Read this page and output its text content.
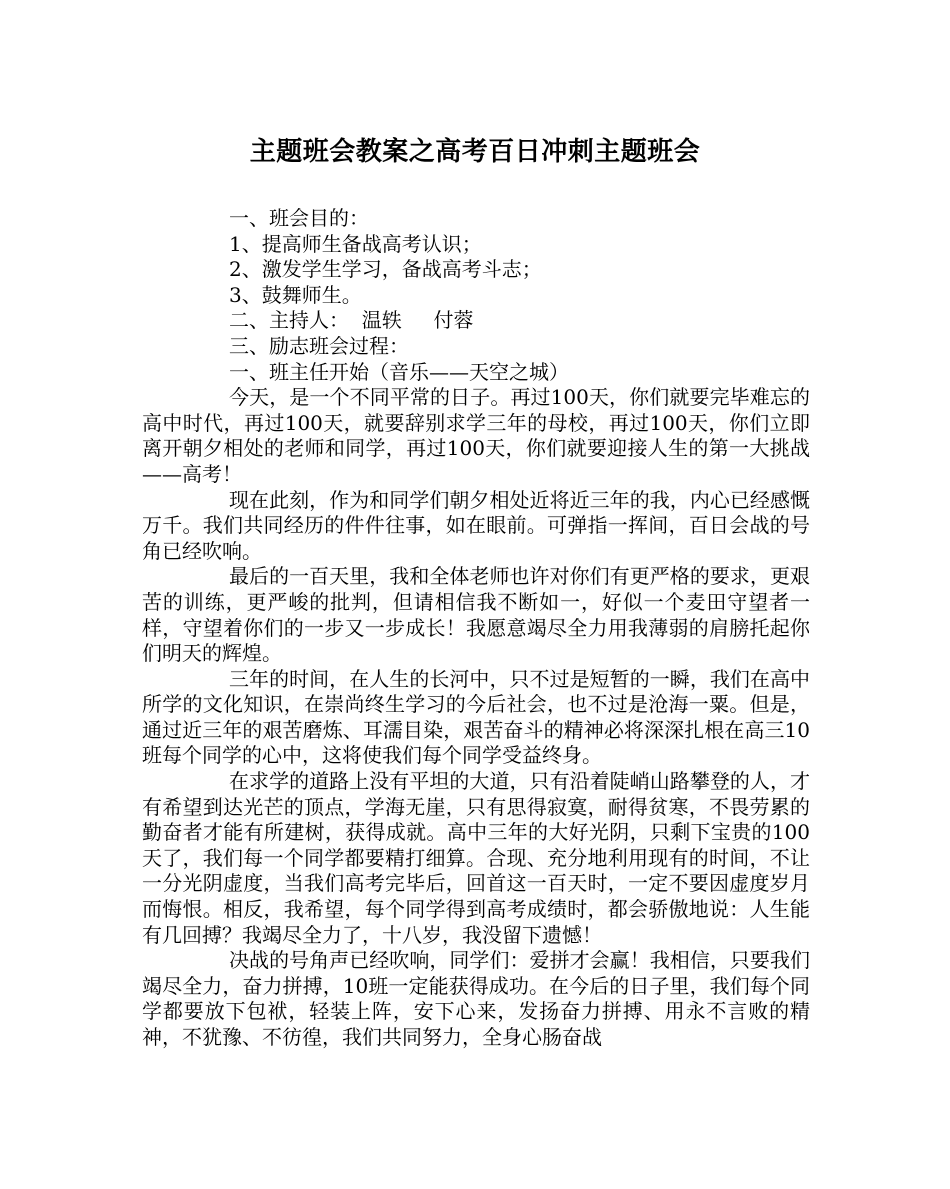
主题班会教案之高考百日冲刺主题班会

一、班会目的：

1、提高师生备战高考认识；

2、激发学生学习，备战高考斗志；

3、鼓舞师生。

二、主持人：  温轶     付蓉

三、励志班会过程：

一、班主任开始（音乐——天空之城）

今天，是一个不同平常的日子。再过100天，你们就要完毕难忘的高中时代，再过100天，就要辞别求学三年的母校，再过100天，你们立即离开朝夕相处的老师和同学，再过100天，你们就要迎接人生的第一大挑战——高考！

现在此刻，作为和同学们朝夕相处近将近三年的我，内心已经感慨万千。我们共同经历的件件往事，如在眼前。可弹指一挥间，百日会战的号角已经吹响。

最后的一百天里，我和全体老师也许对你们有更严格的要求，更艰苦的训练，更严峻的批判，但请相信我不断如一，好似一个麦田守望者一样，守望着你们的一步又一步成长！我愿意竭尽全力用我薄弱的肩膀托起你们明天的辉煌。

三年的时间，在人生的长河中，只不过是短暂的一瞬，我们在高中所学的文化知识，在崇尚终生学习的今后社会，也不过是沧海一粟。但是，通过近三年的艰苦磨炼、耳濡目染，艰苦奋斗的精神必将深深扎根在高三10班每个同学的心中，这将使我们每个同学受益终身。

在求学的道路上没有平坦的大道，只有沿着陡峭山路攀登的人，才有希望到达光芒的顶点，学海无崖，只有思得寂寞，耐得贫寒，不畏劳累的勤奋者才能有所建树，获得成就。高中三年的大好光阴，只剩下宝贵的100天了，我们每一个同学都要精打细算。合现、充分地利用现有的时间，不让一分光阴虚度，当我们高考完毕后，回首这一百天时，一定不要因虚度岁月而悔恨。相反，我希望，每个同学得到高考成绩时，都会骄傲地说：人生能有几回搏？我竭尽全力了，十八岁，我没留下遗憾！

决战的号角声已经吹响，同学们：爱拼才会赢！我相信，只要我们竭尽全力，奋力拼搏，10班一定能获得成功。在今后的日子里，我们每个同学都要放下包袱，轻装上阵，安下心来，发扬奋力拼搏、用永不言败的精神，不犹豫、不彷徨，我们共同努力，全身心肠奋战
